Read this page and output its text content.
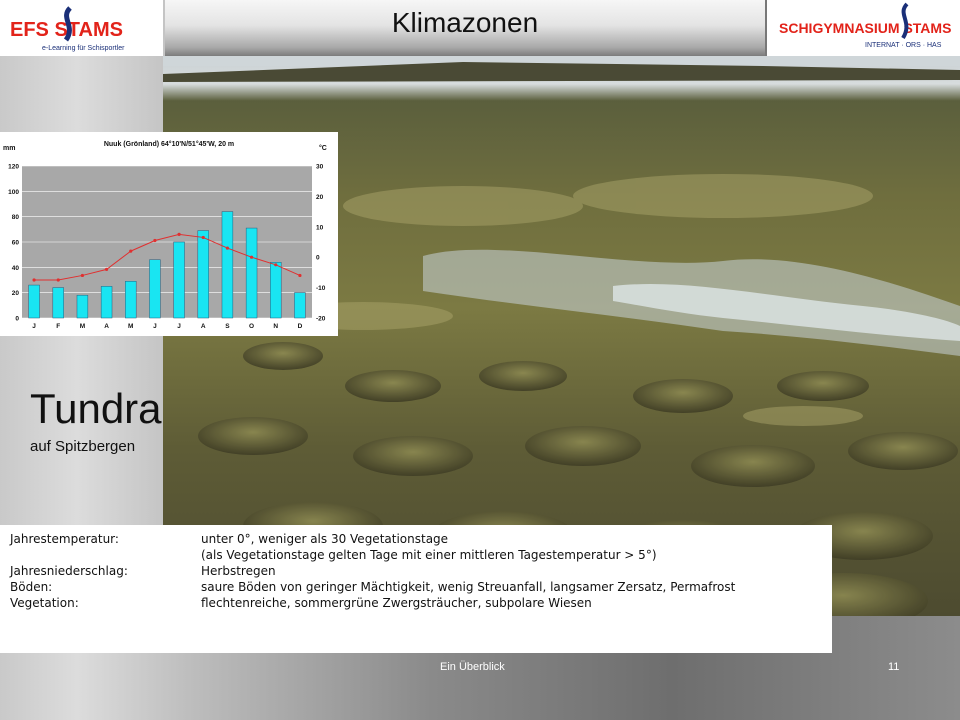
EFS STAMS
e-Learning für Schisportler
Klimazonen	SCHIGYMNASIUM STAMS
INTERNAT · ORS · HAS
mm	°C
Nuuk (Grönland) 64°10'N/51°45'W, 20 m
0
20
40
60
80
100
120
-20
-10
0
10
20
30
J	F	M	A	M	J	J	A	S	O	N	D
Tundra
auf Spitzbergen
Jahrestemperatur:	unter 0°, weniger als 30 Vegetationstage
(als Vegetationstage gelten Tage mit einer mittleren Tagestemperatur > 5°)
Jahresniederschlag:	Herbstregen
Böden:	saure Böden von geringer Mächtigkeit, wenig Streuanfall, langsamer Zersatz, Permafrost
Vegetation:	flechtenreiche, sommergrüne Zwergsträucher, subpolare Wiesen
Ein Überblick	11
